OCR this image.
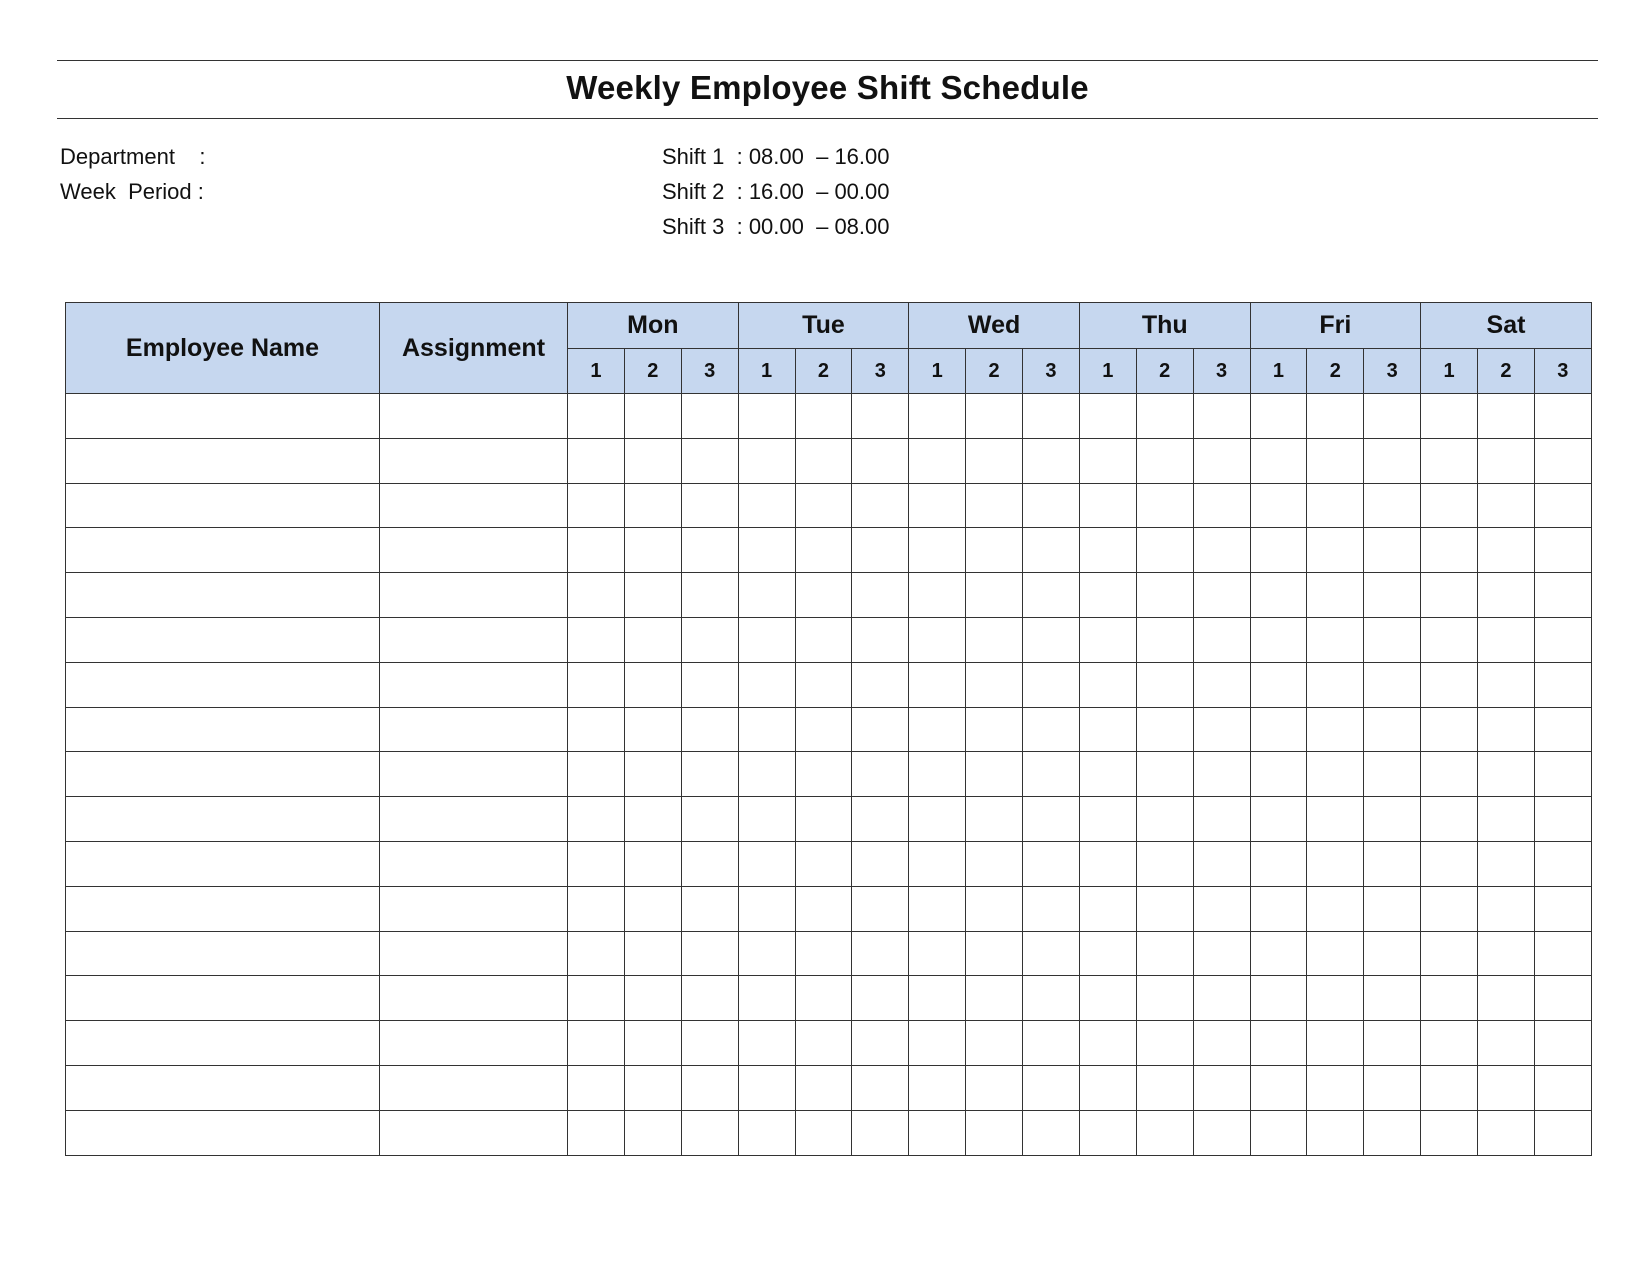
Weekly Employee Shift Schedule
Department    :
Week  Period :
Shift 1  : 08.00  – 16.00
Shift 2  : 16.00  – 00.00
Shift 3  : 00.00  – 08.00
Employee Name	Assignment	Mon			Tue			Wed			Thu			Fri			Sat		
		1	2	3	1	2	3	1	2	3	1	2	3	1	2	3	1	2	3
